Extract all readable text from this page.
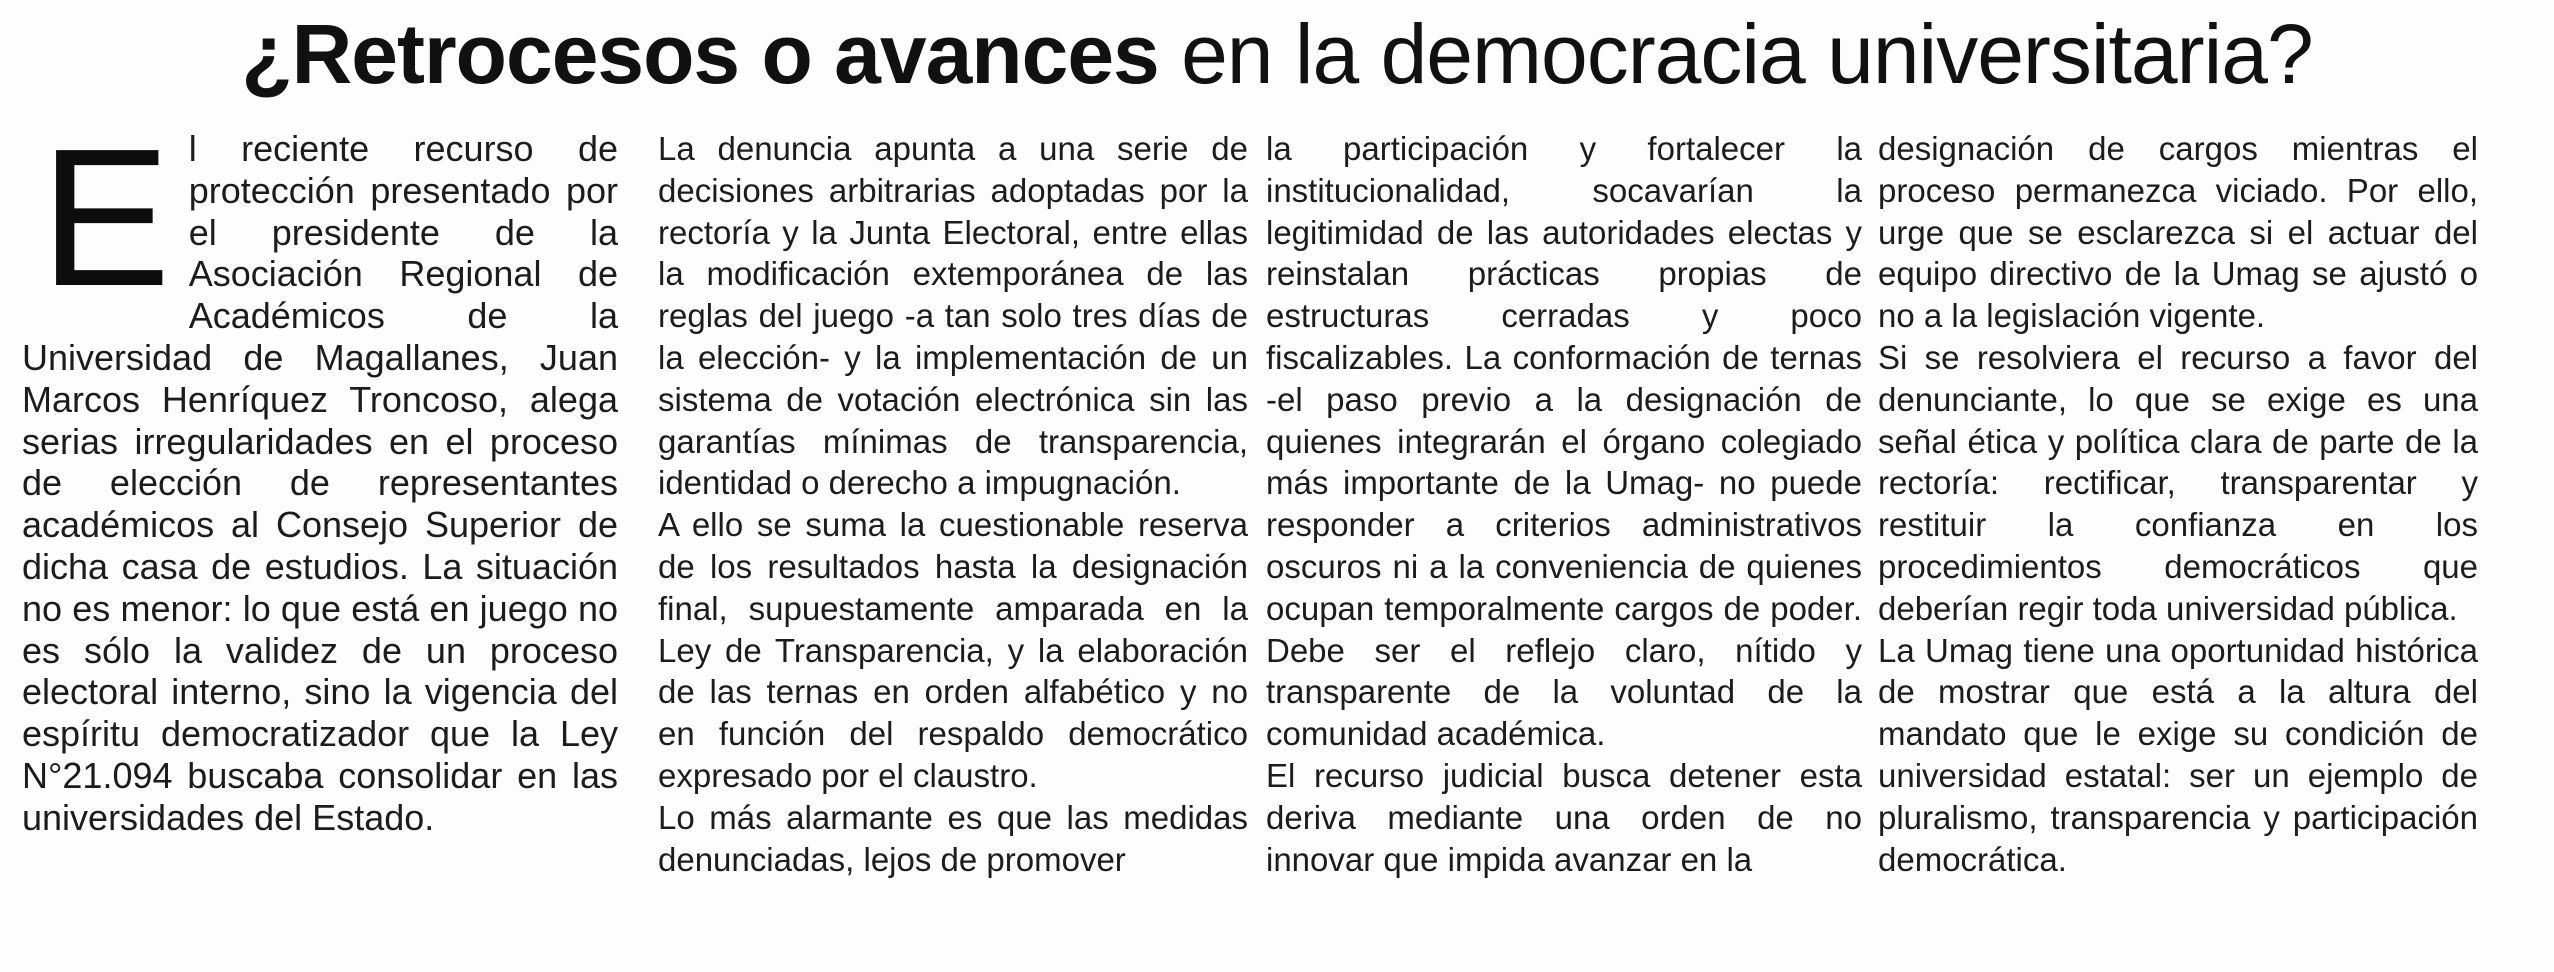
¿Retrocesos o avances en la democracia universitaria?
E l reciente recurso de protección presentado por el presidente de la Asociación Regional de Académicos de la Universidad de Magallanes, Juan Marcos Henríquez Troncoso, alega serias irregularidades en el proceso de elección de representantes académicos al Consejo Superior de dicha casa de estudios. La situación no es menor: lo que está en juego no es sólo la validez de un proceso electoral interno, sino la vigencia del espíritu democratizador que la Ley N°21.094 buscaba consolidar en las universidades del Estado.

La denuncia apunta a una serie de decisiones arbitrarias adoptadas por la rectoría y la Junta Electoral, entre ellas la modificación extemporánea de las reglas del juego -a tan solo tres días de la elección- y la implementación de un sistema de votación electrónica sin las garantías mínimas de transparencia, identidad o derecho a impugnación.

A ello se suma la cuestionable reserva de los resultados hasta la designación final, supuestamente amparada en la Ley de Transparencia, y la elaboración de las ternas en orden alfabético y no en función del respaldo democrático expresado por el claustro.

Lo más alarmante es que las medidas denunciadas, lejos de promover

la participación y fortalecer la institucionalidad, socavarían la legitimidad de las autoridades electas y reinstalan prácticas propias de estructuras cerradas y poco fiscalizables. La conformación de ternas -el paso previo a la designación de quienes integrarán el órgano colegiado más importante de la Umag- no puede responder a criterios administrativos oscuros ni a la conveniencia de quienes ocupan temporalmente cargos de poder. Debe ser el reflejo claro, nítido y transparente de la voluntad de la comunidad académica.

El recurso judicial busca detener esta deriva mediante una orden de no innovar que impida avanzar en la

designación de cargos mientras el proceso permanezca viciado. Por ello, urge que se esclarezca si el actuar del equipo directivo de la Umag se ajustó o no a la legislación vigente.

Si se resolviera el recurso a favor del denunciante, lo que se exige es una señal ética y política clara de parte de la rectoría: rectificar, transparentar y restituir la confianza en los procedimientos democráticos que deberían regir toda universidad pública.

La Umag tiene una oportunidad histórica de mostrar que está a la altura del mandato que le exige su condición de universidad estatal: ser un ejemplo de pluralismo, transparencia y participación democrática.
